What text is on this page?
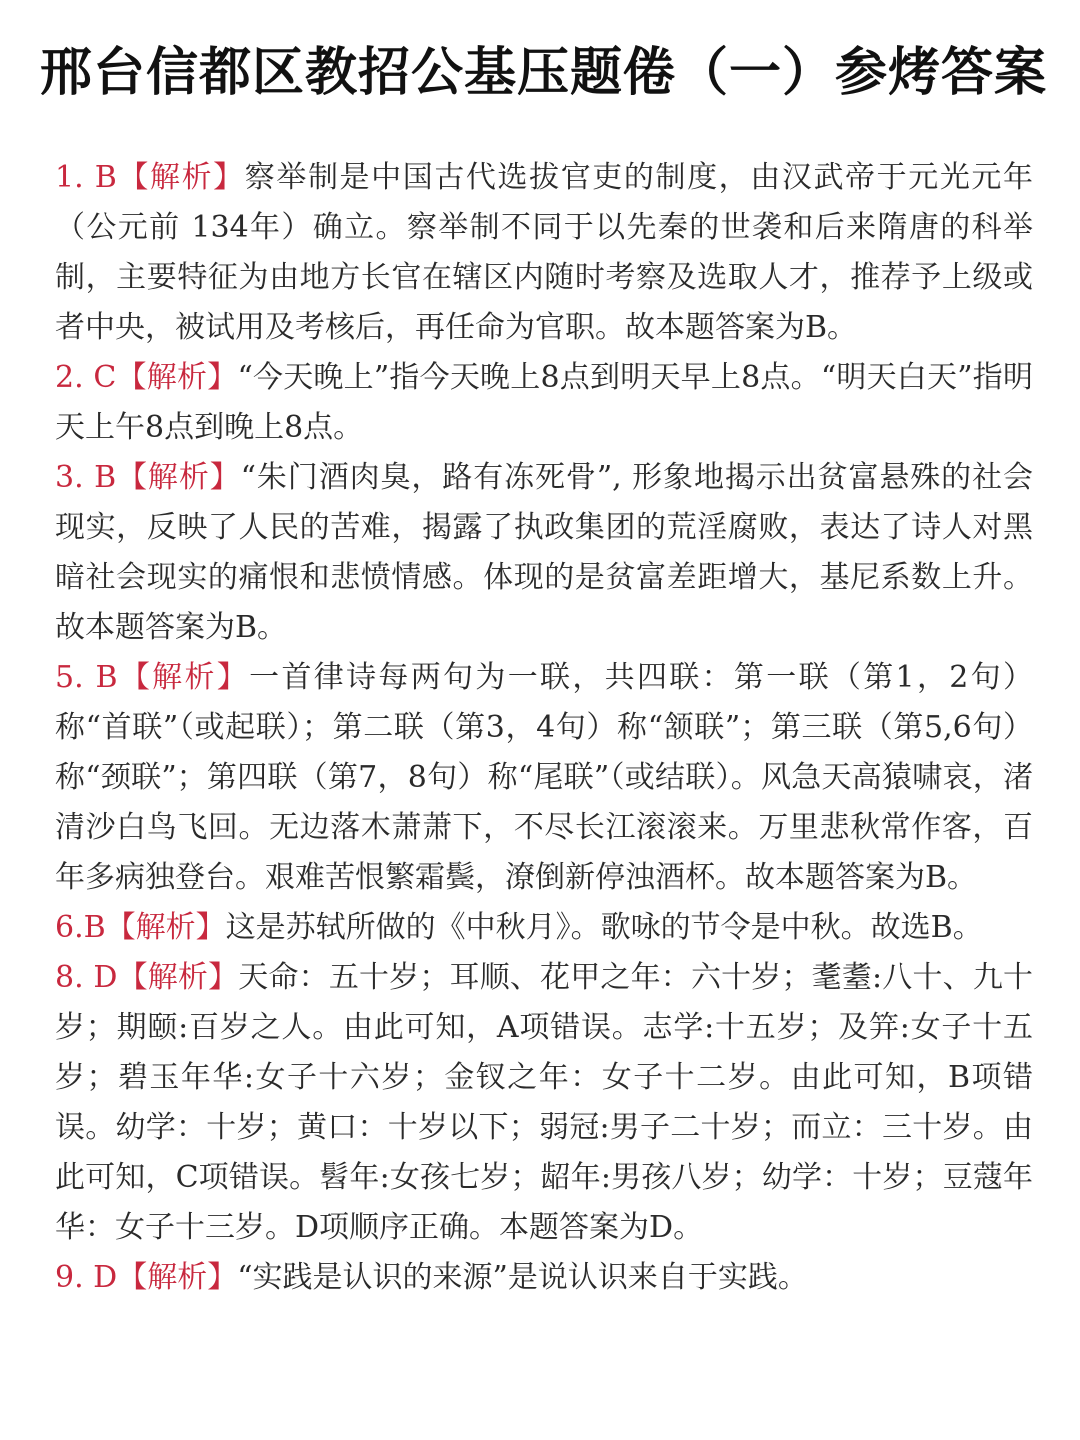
邢台信都区教招公基压题倦（一）参烤答案

1. B【解析】察举制是中国古代选拔官吏的制度，由汉武帝于元光元年（公元前 134年）确立。察举制不同于以先秦的世袭和后来隋唐的科举制，主要特征为由地方长官在辖区内随时考察及选取人才，推荐予上级或者中央，被试用及考核后，再任命为官职。故本题答案为B。

2. C【解析】“今天晚上”指今天晚上8点到明天早上8点。“明天白天”指明天上午8点到晚上8点。

3. B【解析】“朱门酒肉臭，路有冻死骨”, 形象地揭示出贫富悬殊的社会现实，反映了人民的苦难，揭露了执政集团的荒淫腐败，表达了诗人对黑暗社会现实的痛恨和悲愤情感。体现的是贫富差距增大，基尼系数上升。故本题答案为B。

5. B【解析】一首律诗每两句为一联，共四联：第一联（第1，2句）称“首联”（或起联）；第二联（第3，4句）称“颔联”；第三联（第5,6句）称“颈联”；第四联（第7，8句）称“尾联”（或结联）。风急天高猿啸哀，渚清沙白鸟飞回。无边落木萧萧下，不尽长江滚滚来。万里悲秋常作客，百年多病独登台。艰难苦恨繁霜鬓，潦倒新停浊酒杯。故本题答案为B。

6.B【解析】这是苏轼所做的《中秋月》。歌咏的节令是中秋。故选B。

8. D【解析】天命：五十岁；耳顺、花甲之年：六十岁；耄耋:八十、九十岁；期颐:百岁之人。由此可知，A项错误。志学:十五岁；及笄:女子十五岁；碧玉年华:女子十六岁；金钗之年：女子十二岁。由此可知，B项错误。幼学：十岁；黄口：十岁以下；弱冠:男子二十岁；而立：三十岁。由此可知，C项错误。髫年:女孩七岁；龆年:男孩八岁；幼学：十岁；豆蔻年华：女子十三岁。D项顺序正确。本题答案为D。

9. D【解析】“实践是认识的来源”是说认识来自于实践。
